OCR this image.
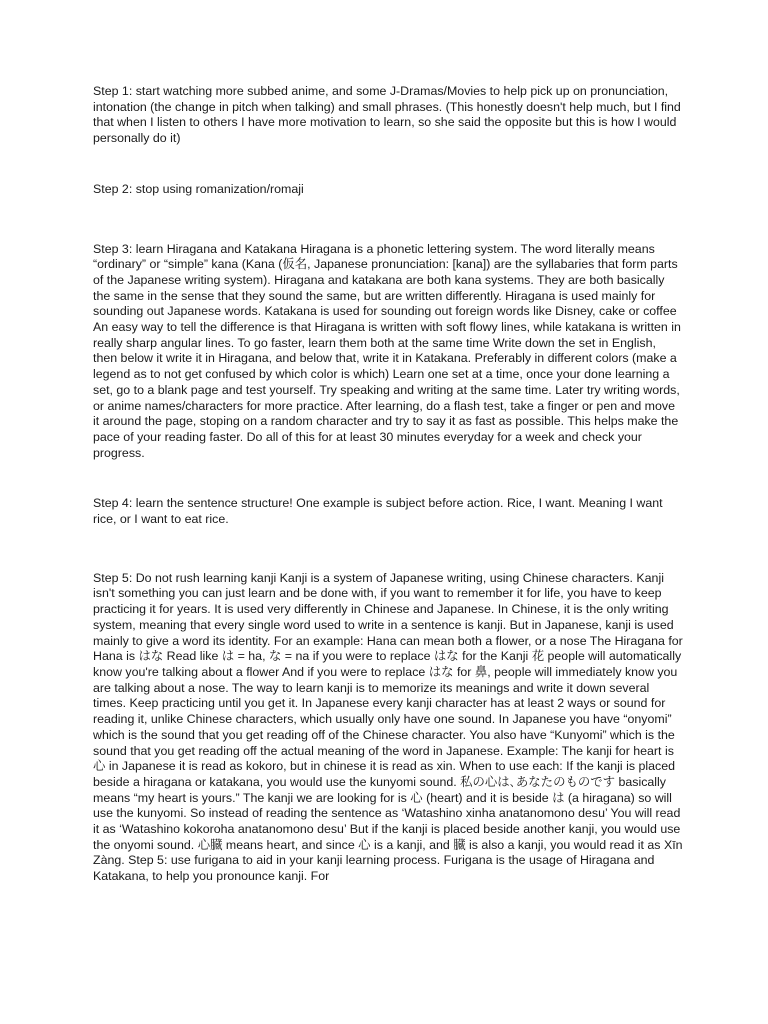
Step 1: start watching more subbed anime, and some J-Dramas/Movies to help pick up on pronunciation, intonation (the change in pitch when talking) and small phrases. (This honestly doesn't help much, but I find that when I listen to others I have more motivation to learn, so she said the opposite but this is how I would personally do it)

Step 2: stop using romanization/romaji

Step 3: learn Hiragana and Katakana Hiragana is a phonetic lettering system. The word literally means “ordinary” or “simple” kana (Kana (仮名, Japanese pronunciation: [kana]) are the syllabaries that form parts of the Japanese writing system). Hiragana and katakana are both kana systems. They are both basically the same in the sense that they sound the same, but are written differently. Hiragana is used mainly for sounding out Japanese words. Katakana is used for sounding out foreign words like Disney, cake or coffee An easy way to tell the difference is that Hiragana is written with soft flowy lines, while katakana is written in really sharp angular lines. To go faster, learn them both at the same time Write down the set in English, then below it write it in Hiragana, and below that, write it in Katakana. Preferably in different colors (make a legend as to not get confused by which color is which) Learn one set at a time, once your done learning a set, go to a blank page and test yourself. Try speaking and writing at the same time. Later try writing words, or anime names/characters for more practice. After learning, do a flash test, take a finger or pen and move it around the page, stoping on a random character and try to say it as fast as possible. This helps make the pace of your reading faster. Do all of this for at least 30 minutes everyday for a week and check your progress.

Step 4: learn the sentence structure! One example is subject before action. Rice, I want. Meaning I want rice, or I want to eat rice.

Step 5: Do not rush learning kanji Kanji is a system of Japanese writing, using Chinese characters. Kanji isn't something you can just learn and be done with, if you want to remember it for life, you have to keep practicing it for years. It is used very differently in Chinese and Japanese. In Chinese, it is the only writing system, meaning that every single word used to write in a sentence is kanji. But in Japanese, kanji is used mainly to give a word its identity. For an example: Hana can mean both a flower, or a nose The Hiragana for Hana is はな Read like は = ha, な = na if you were to replace はな for the Kanji 花 people will automatically know you're talking about a flower And if you were to replace はな for 鼻, people will immediately know you are talking about a nose. The way to learn kanji is to memorize its meanings and write it down several times. Keep practicing until you get it. In Japanese every kanji character has at least 2 ways or sound for reading it, unlike Chinese characters, which usually only have one sound. In Japanese you have “onyomi” which is the sound that you get reading off of the Chinese character. You also have “Kunyomi” which is the sound that you get reading off the actual meaning of the word in Japanese. Example: The kanji for heart is 心 in Japanese it is read as kokoro, but in chinese it is read as xin. When to use each: If the kanji is placed beside a hiragana or katakana, you would use the kunyomi sound. 私の心は､あなたのものです basically means “my heart is yours.” The kanji we are looking for is 心 (heart) and it is beside は (a hiragana) so will use the kunyomi. So instead of reading the sentence as ‘Watashino xinha anatanomono desu’ You will read it as ‘Watashino kokoroha anatanomono desu’ But if the kanji is placed beside another kanji, you would use the onyomi sound. 心臓 means heart, and since 心 is a kanji, and 臓 is also a kanji, you would read it as Xīn Zàng. Step 5: use furigana to aid in your kanji learning process. Furigana is the usage of Hiragana and Katakana, to help you pronounce kanji. For
